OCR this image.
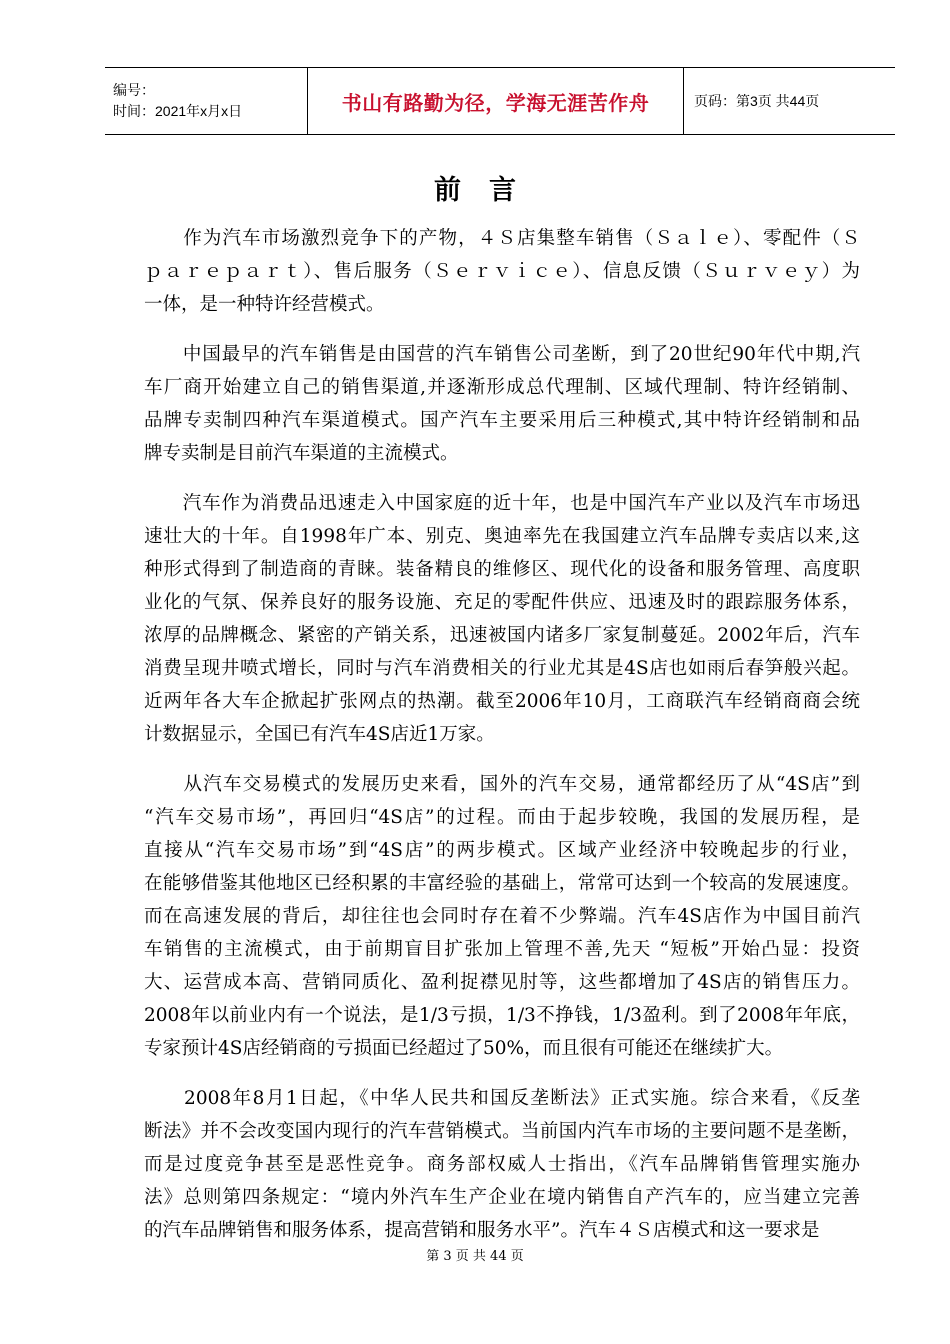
编号：
时间：2021年x月x日	书山有路勤为径，学海无涯苦作舟	页码：第3页 共44页
前言
　　作为汽车市场激烈竞争下的产物，４Ｓ店集整车销售（Ｓａｌｅ）、零配件（Ｓ
ｐａｒｅｐａｒｔ）、售后服务（Ｓｅｒｖｉｃｅ）、信息反馈（Ｓｕｒｖｅｙ）为
一体，是一种特许经营模式。
　　中国最早的汽车销售是由国营的汽车销售公司垄断，到了20世纪90年代中期,汽
车厂商开始建立自己的销售渠道,并逐渐形成总代理制、区域代理制、特许经销制、
品牌专卖制四种汽车渠道模式。国产汽车主要采用后三种模式,其中特许经销制和品
牌专卖制是目前汽车渠道的主流模式。
　　汽车作为消费品迅速走入中国家庭的近十年，也是中国汽车产业以及汽车市场迅
速壮大的十年。自1998年广本、别克、奥迪率先在我国建立汽车品牌专卖店以来,这
种形式得到了制造商的青睐。装备精良的维修区、现代化的设备和服务管理、高度职
业化的气氛、保养良好的服务设施、充足的零配件供应、迅速及时的跟踪服务体系，
浓厚的品牌概念、紧密的产销关系，迅速被国内诸多厂家复制蔓延。2002年后，汽车
消费呈现井喷式增长，同时与汽车消费相关的行业尤其是4S店也如雨后春笋般兴起。
近两年各大车企掀起扩张网点的热潮。截至2006年10月，工商联汽车经销商商会统
计数据显示，全国已有汽车4S店近1万家。
　　从汽车交易模式的发展历史来看，国外的汽车交易，通常都经历了从“4S店”到
“汽车交易市场”，再回归“4S店”的过程。而由于起步较晚，我国的发展历程，是
直接从“汽车交易市场”到“4S店”的两步模式。区域产业经济中较晚起步的行业，
在能够借鉴其他地区已经积累的丰富经验的基础上，常常可达到一个较高的发展速度。
而在高速发展的背后，却往往也会同时存在着不少弊端。汽车4S店作为中国目前汽
车销售的主流模式，由于前期盲目扩张加上管理不善,先天 “短板”开始凸显：投资
大、运营成本高、营销同质化、盈利捉襟见肘等，这些都增加了4S店的销售压力。
2008年以前业内有一个说法，是1/3亏损，1/3不挣钱，1/3盈利。到了2008年年底，
专家预计4S店经销商的亏损面已经超过了50%，而且很有可能还在继续扩大。
　　2008年8月1日起，《中华人民共和国反垄断法》正式实施。综合来看，《反垄
断法》并不会改变国内现行的汽车营销模式。当前国内汽车市场的主要问题不是垄断，
而是过度竞争甚至是恶性竞争。商务部权威人士指出，《汽车品牌销售管理实施办
法》总则第四条规定：“境内外汽车生产企业在境内销售自产汽车的，应当建立完善
的汽车品牌销售和服务体系，提高营销和服务水平”。汽车４Ｓ店模式和这一要求是
第 3 页 共 44 页
